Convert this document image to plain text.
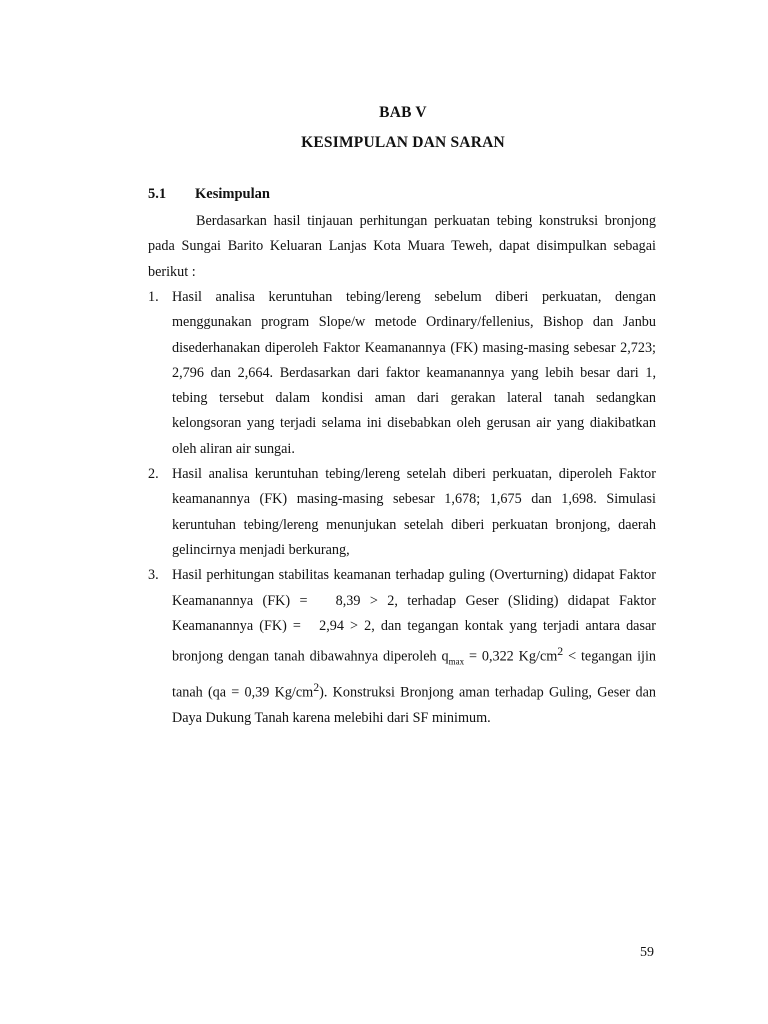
BAB V
KESIMPULAN DAN SARAN
5.1 Kesimpulan

Berdasarkan hasil tinjauan perhitungan perkuatan tebing konstruksi bronjong pada Sungai Barito Keluaran Lanjas Kota Muara Teweh, dapat disimpulkan sebagai berikut :

1. Hasil analisa keruntuhan tebing/lereng sebelum diberi perkuatan, dengan menggunakan program Slope/w metode Ordinary/fellenius, Bishop dan Janbu disederhanakan diperoleh Faktor Keamanannya (FK) masing-masing sebesar 2,723; 2,796 dan 2,664. Berdasarkan dari faktor keamanannya yang lebih besar dari 1, tebing tersebut dalam kondisi aman dari gerakan lateral tanah sedangkan kelongsoran yang terjadi selama ini disebabkan oleh gerusan air yang diakibatkan oleh aliran air sungai.
2. Hasil analisa keruntuhan tebing/lereng setelah diberi perkuatan, diperoleh Faktor keamanannya (FK) masing-masing sebesar 1,678; 1,675 dan 1,698. Simulasi keruntuhan tebing/lereng menunjukan setelah diberi perkuatan bronjong, daerah gelincirnya menjadi berkurang,
3. Hasil perhitungan stabilitas keamanan terhadap guling (Overturning) didapat Faktor Keamanannya (FK) =   8,39 > 2, terhadap Geser (Sliding) didapat Faktor Keamanannya (FK) =   2,94 > 2, dan tegangan kontak yang terjadi antara dasar bronjong dengan tanah dibawahnya diperoleh $q_{max} = 0,322$ $Kg/cm^2$ < tegangan ijin tanah (qa = 0,39 $Kg/cm^2$). Konstruksi Bronjong aman terhadap Guling, Geser dan Daya Dukung Tanah karena melebihi dari SF minimum.
59
